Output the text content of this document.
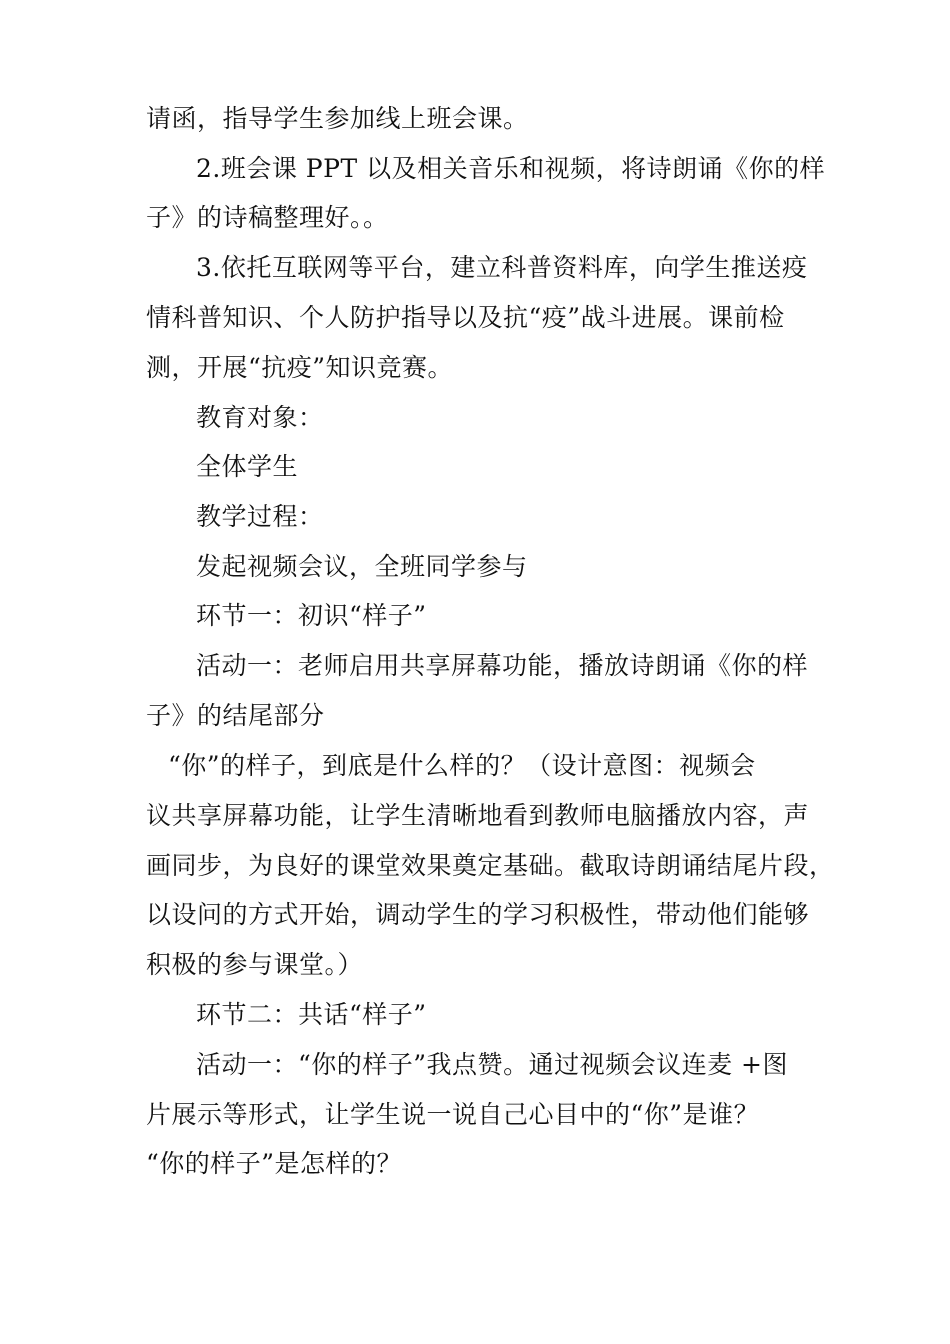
请函，指导学生参加线上班会课。
2.班会课 PPT 以及相关音乐和视频，将诗朗诵《你的样
子》的诗稿整理好。。
3.依托互联网等平台，建立科普资料库，向学生推送疫
情科普知识、个人防护指导以及抗“疫”战斗进展。课前检
测，开展“抗疫”知识竞赛。
教育对象：
全体学生
教学过程：
发起视频会议，全班同学参与
环节一：初识“样子”
活动一：老师启用共享屏幕功能，播放诗朗诵《你的样
子》的结尾部分
“你”的样子，到底是什么样的？（设计意图：视频会
议共享屏幕功能，让学生清晰地看到教师电脑播放内容，声
画同步，为良好的课堂效果奠定基础。截取诗朗诵结尾片段，
以设问的方式开始，调动学生的学习积极性，带动他们能够
积极的参与课堂。）
环节二：共话“样子”
活动一：“你的样子”我点赞。通过视频会议连麦 +图
片展示等形式，让学生说一说自己心目中的“你”是谁？
“你的样子”是怎样的？
